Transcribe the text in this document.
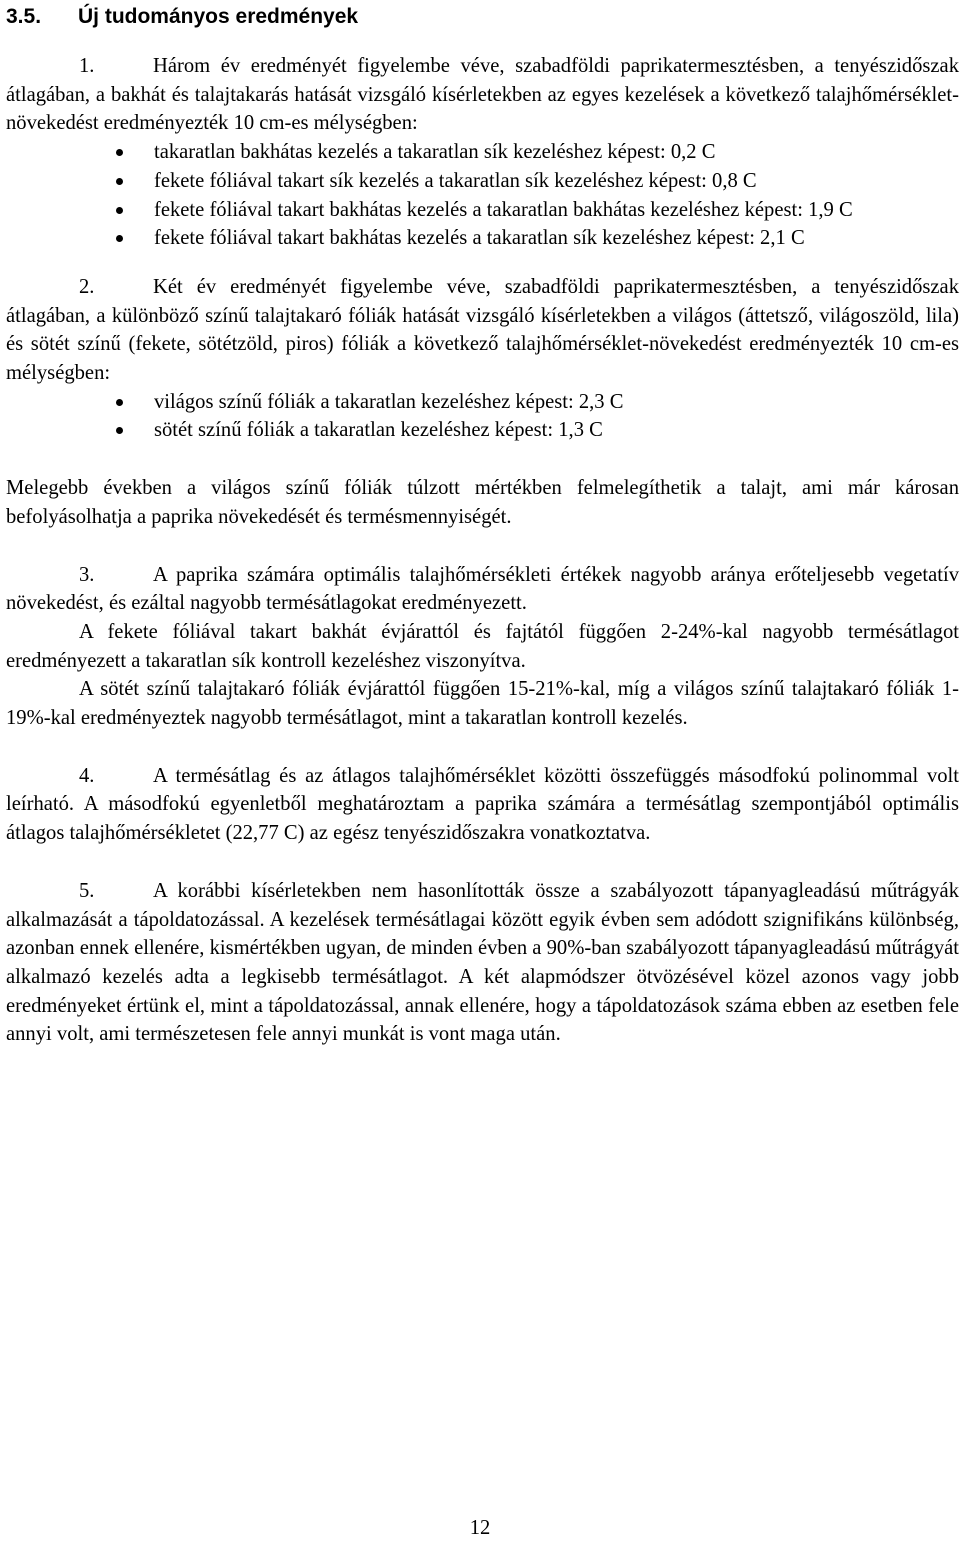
3.5. Új tudományos eredmények

1.	Három év eredményét figyelembe véve, szabadföldi paprikatermesztésben, a tenyészidőszak átlagában, a bakhát és talajtakarás hatását vizsgáló kísérletekben az egyes kezelések a következő talajhőmérséklet-növekedést eredményezték 10 cm-es mélységben:

takaratlan bakhátas kezelés a takaratlan sík kezeléshez képest: 0,2 C
fekete fóliával takart sík kezelés a takaratlan sík kezeléshez képest: 0,8 C
fekete fóliával takart bakhátas kezelés a takaratlan bakhátas kezeléshez képest: 1,9 C
fekete fóliával takart bakhátas kezelés a takaratlan sík kezeléshez képest: 2,1 C

2.	Két év eredményét figyelembe véve, szabadföldi paprikatermesztésben, a tenyészidőszak átlagában, a különböző színű talajtakaró fóliák hatását vizsgáló kísérletekben a világos (áttetsző, világoszöld, lila) és sötét színű (fekete, sötétzöld, piros) fóliák a következő talajhőmérséklet-növekedést eredményezték 10 cm-es mélységben:

világos színű fóliák a takaratlan kezeléshez képest: 2,3 C
sötét színű fóliák a takaratlan kezeléshez képest: 1,3 C

Melegebb években a világos színű fóliák túlzott mértékben felmelegíthetik a talajt, ami már károsan befolyásolhatja a paprika növekedését és termésmennyiségét.

3.	A paprika számára optimális talajhőmérsékleti értékek nagyobb aránya erőteljesebb vegetatív növekedést, és ezáltal nagyobb termésátlagokat eredményezett.

A fekete fóliával takart bakhát évjárattól és fajtától függően 2-24%-kal nagyobb termésátlagot eredményezett a takaratlan sík kontroll kezeléshez viszonyítva.

A sötét színű talajtakaró fóliák évjárattól függően 15-21%-kal, míg a világos színű talajtakaró fóliák 1-19%-kal eredményeztek nagyobb termésátlagot, mint a takaratlan kontroll kezelés.

4.	A termésátlag és az átlagos talajhőmérséklet közötti összefüggés másodfokú polinommal volt leírható. A másodfokú egyenletből meghatároztam a paprika számára a termésátlag szempontjából optimális átlagos talajhőmérsékletet (22,77 C) az egész tenyészidőszakra vonatkoztatva.

5.	A korábbi kísérletekben nem hasonlították össze a szabályozott tápanyagleadású műtrágyák alkalmazását a tápoldatozással. A kezelések termésátlagai között egyik évben sem adódott szignifikáns különbség, azonban ennek ellenére, kismértékben ugyan, de minden évben a 90%-ban szabályozott tápanyagleadású műtrágyát alkalmazó kezelés adta a legkisebb termésátlagot. A két alapmódszer ötvözésével közel azonos vagy jobb eredményeket értünk el, mint a tápoldatozással, annak ellenére, hogy a tápoldatozások száma ebben az esetben fele annyi volt, ami természetesen fele annyi munkát is vont maga után.

12
